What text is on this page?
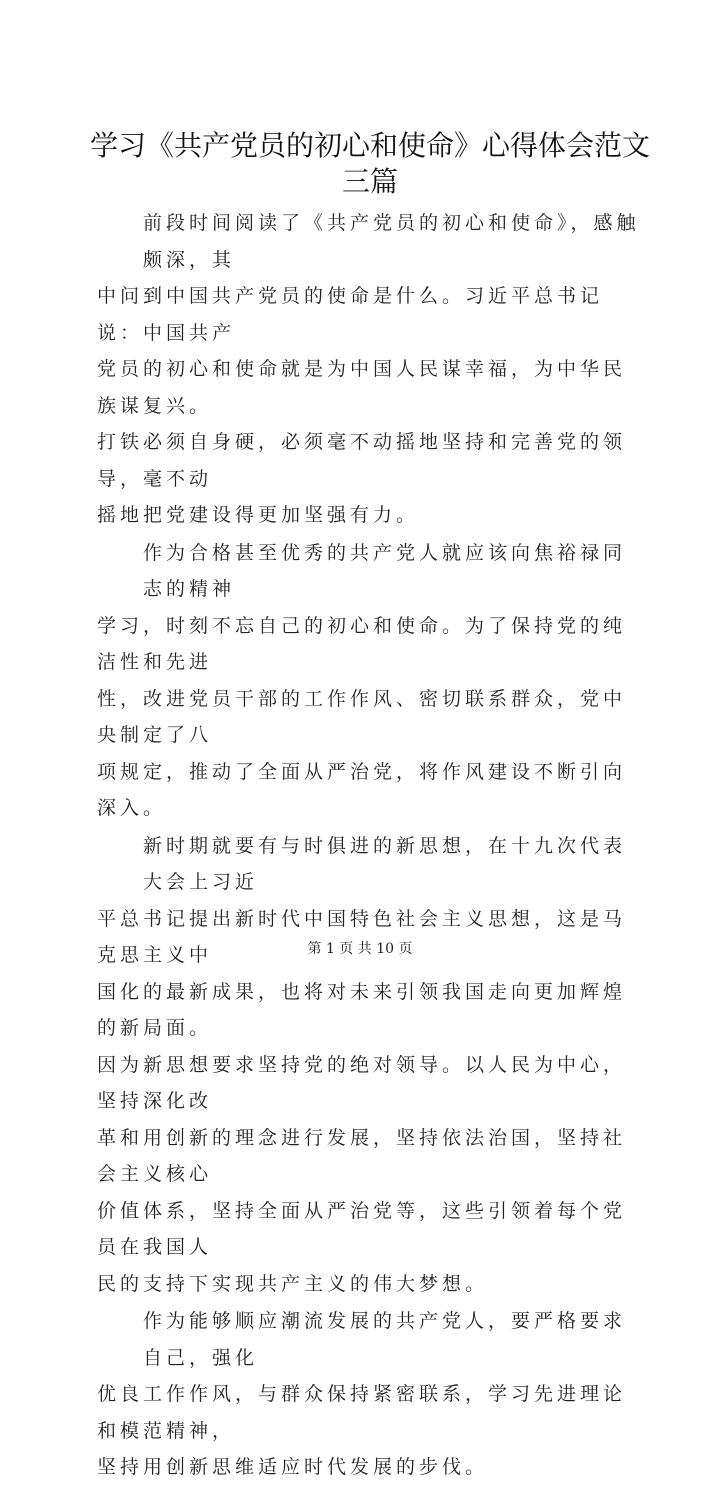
学习《共产党员的初心和使命》心得体会范文
三篇
前段时间阅读了《共产党员的初心和使命》，感触颇深，其
中问到中国共产党员的使命是什么。习近平总书记说：中国共产
党员的初心和使命就是为中国人民谋幸福，为中华民族谋复兴。
打铁必须自身硬，必须毫不动摇地坚持和完善党的领导，毫不动
摇地把党建设得更加坚强有力。
作为合格甚至优秀的共产党人就应该向焦裕禄同志的精神
学习，时刻不忘自己的初心和使命。为了保持党的纯洁性和先进
性，改进党员干部的工作作风、密切联系群众，党中央制定了八
项规定，推动了全面从严治党，将作风建设不断引向深入。
新时期就要有与时俱进的新思想，在十九次代表大会上习近
平总书记提出新时代中国特色社会主义思想，这是马克思主义中
国化的最新成果，也将对未来引领我国走向更加辉煌的新局面。
因为新思想要求坚持党的绝对领导。以人民为中心，坚持深化改
革和用创新的理念进行发展，坚持依法治国，坚持社会主义核心
价值体系，坚持全面从严治党等，这些引领着每个党员在我国人
民的支持下实现共产主义的伟大梦想。
作为能够顺应潮流发展的共产党人，要严格要求自己，强化
优良工作作风，与群众保持紧密联系，学习先进理论和模范精神，
坚持用创新思维适应时代发展的步伐。
第 1 页 共 10 页
